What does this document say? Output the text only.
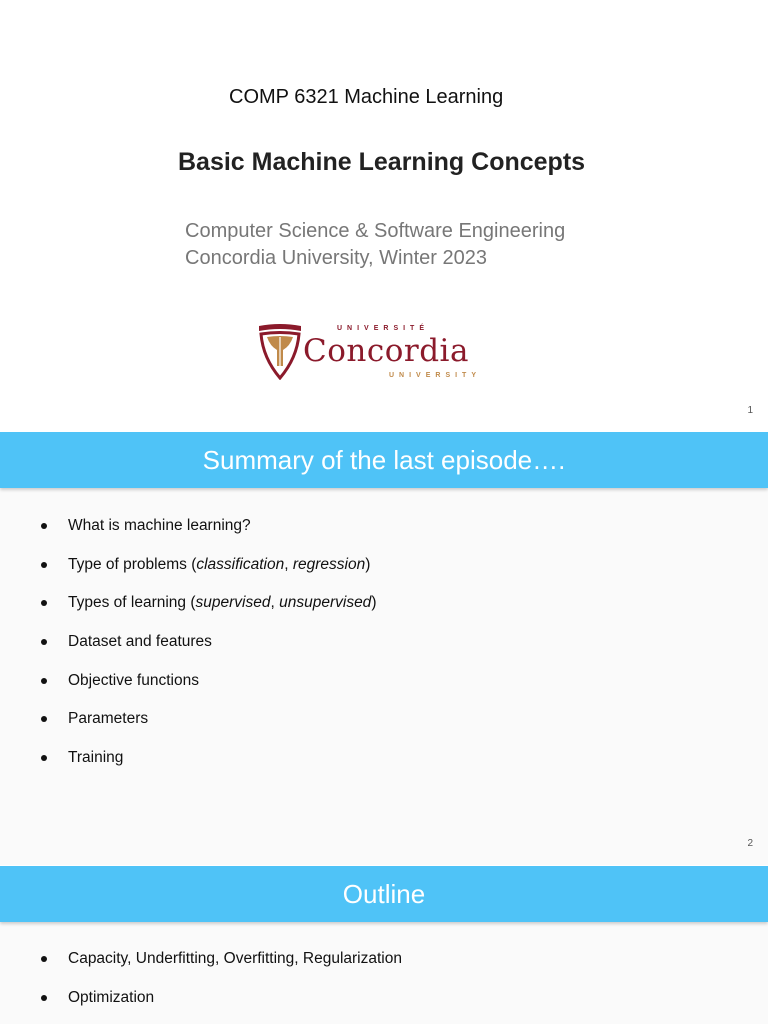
COMP 6321 Machine Learning
Basic Machine Learning Concepts
Computer Science & Software Engineering
Concordia University, Winter 2023
UNIVERSITÉ
Concordia
UNIVERSITY
1
Summary of the last episode….
What is machine learning?
Type of problems (classification, regression)
Types of learning (supervised, unsupervised)
Dataset and features
Objective functions
Parameters
Training
2
Outline
Capacity, Underfitting, Overfitting, Regularization
Optimization
